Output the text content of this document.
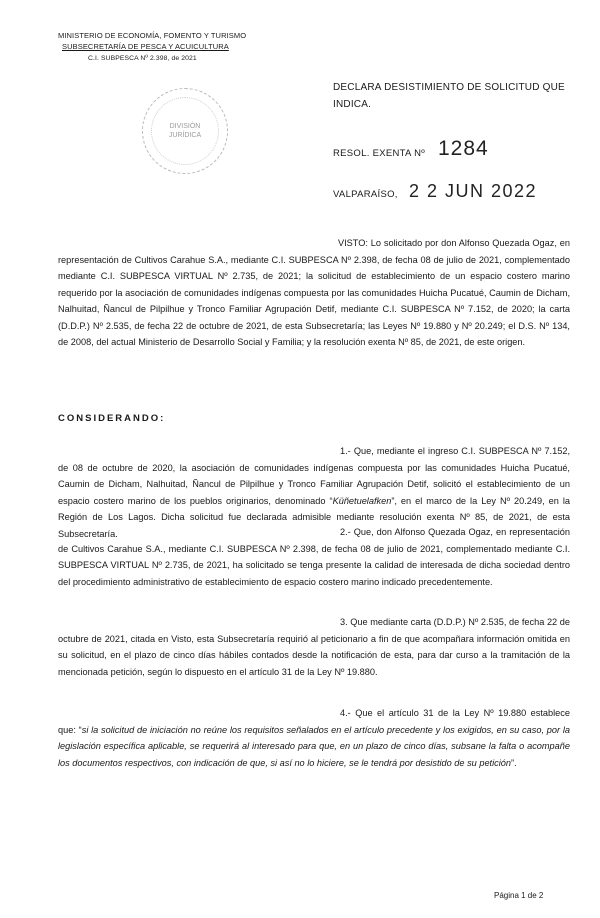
MINISTERIO DE ECONOMÍA, FOMENTO Y TURISMO
SUBSECRETARÍA DE PESCA Y ACUICULTURA
C.I. SUBPESCA Nº 2.398, de 2021
DIVISIÓN
JURÍDICA
DECLARA DESISTIMIENTO DE SOLICITUD QUE INDICA.
RESOL. EXENTA Nº 1284
VALPARAÍSO, 2 2 JUN 2022
VISTO: Lo solicitado por don Alfonso Quezada Ogaz, en representación de Cultivos Carahue S.A., mediante C.I. SUBPESCA Nº 2.398, de fecha 08 de julio de 2021, complementado mediante C.I. SUBPESCA VIRTUAL Nº 2.735, de 2021; la solicitud de establecimiento de un espacio costero marino requerido por la asociación de comunidades indígenas compuesta por las comunidades Huicha Pucatué, Caumin de Dicham, Nalhuitad, Ñancul de Pilpilhue y Tronco Familiar Agrupación Detif, mediante C.I. SUBPESCA Nº 7.152, de 2020; la carta (D.D.P.) Nº 2.535, de fecha 22 de octubre de 2021, de esta Subsecretaría; las Leyes Nº 19.880 y Nº 20.249; el D.S. Nº 134, de 2008, del actual Ministerio de Desarrollo Social y Familia; y la resolución exenta Nº 85, de 2021, de este origen.
CONSIDERANDO:
1.- Que, mediante el ingreso C.I. SUBPESCA Nº 7.152, de 08 de octubre de 2020, la asociación de comunidades indígenas compuesta por las comunidades Huicha Pucatué, Caumin de Dicham, Nalhuitad, Ñancul de Pilpilhue y Tronco Familiar Agrupación Detif, solicitó el establecimiento de un espacio costero marino de los pueblos originarios, denominado “Küñetuelafken”, en el marco de la Ley Nº 20.249, en la Región de Los Lagos. Dicha solicitud fue declarada admisible mediante resolución exenta Nº 85, de 2021, de esta Subsecretaría.	2.- Que, don Alfonso Quezada Ogaz, en representación de Cultivos Carahue S.A., mediante C.I. SUBPESCA Nº 2.398, de fecha 08 de julio de 2021, complementado mediante C.I. SUBPESCA VIRTUAL Nº 2.735, de 2021, ha solicitado se tenga presente la calidad de interesada de dicha sociedad dentro del procedimiento administrativo de establecimiento de espacio costero marino indicado precedentemente.
3. Que mediante carta (D.D.P.) Nº 2.535, de fecha 22 de octubre de 2021, citada en Visto, esta Subsecretaría requirió al peticionario a fin de que acompañara información omitida en su solicitud, en el plazo de cinco días hábiles contados desde la notificación de esta, para dar curso a la tramitación de la mencionada petición, según lo dispuesto en el artículo 31 de la Ley Nº 19.880.
4.- Que el artículo 31 de la Ley Nº 19.880 establece que: “si la solicitud de iniciación no reúne los requisitos señalados en el artículo precedente y los exigidos, en su caso, por la legislación específica aplicable, se requerirá al interesado para que, en un plazo de cinco días, subsane la falta o acompañe los documentos respectivos, con indicación de que, si así no lo hiciere, se le tendrá por desistido de su petición”.
Página 1 de 2
